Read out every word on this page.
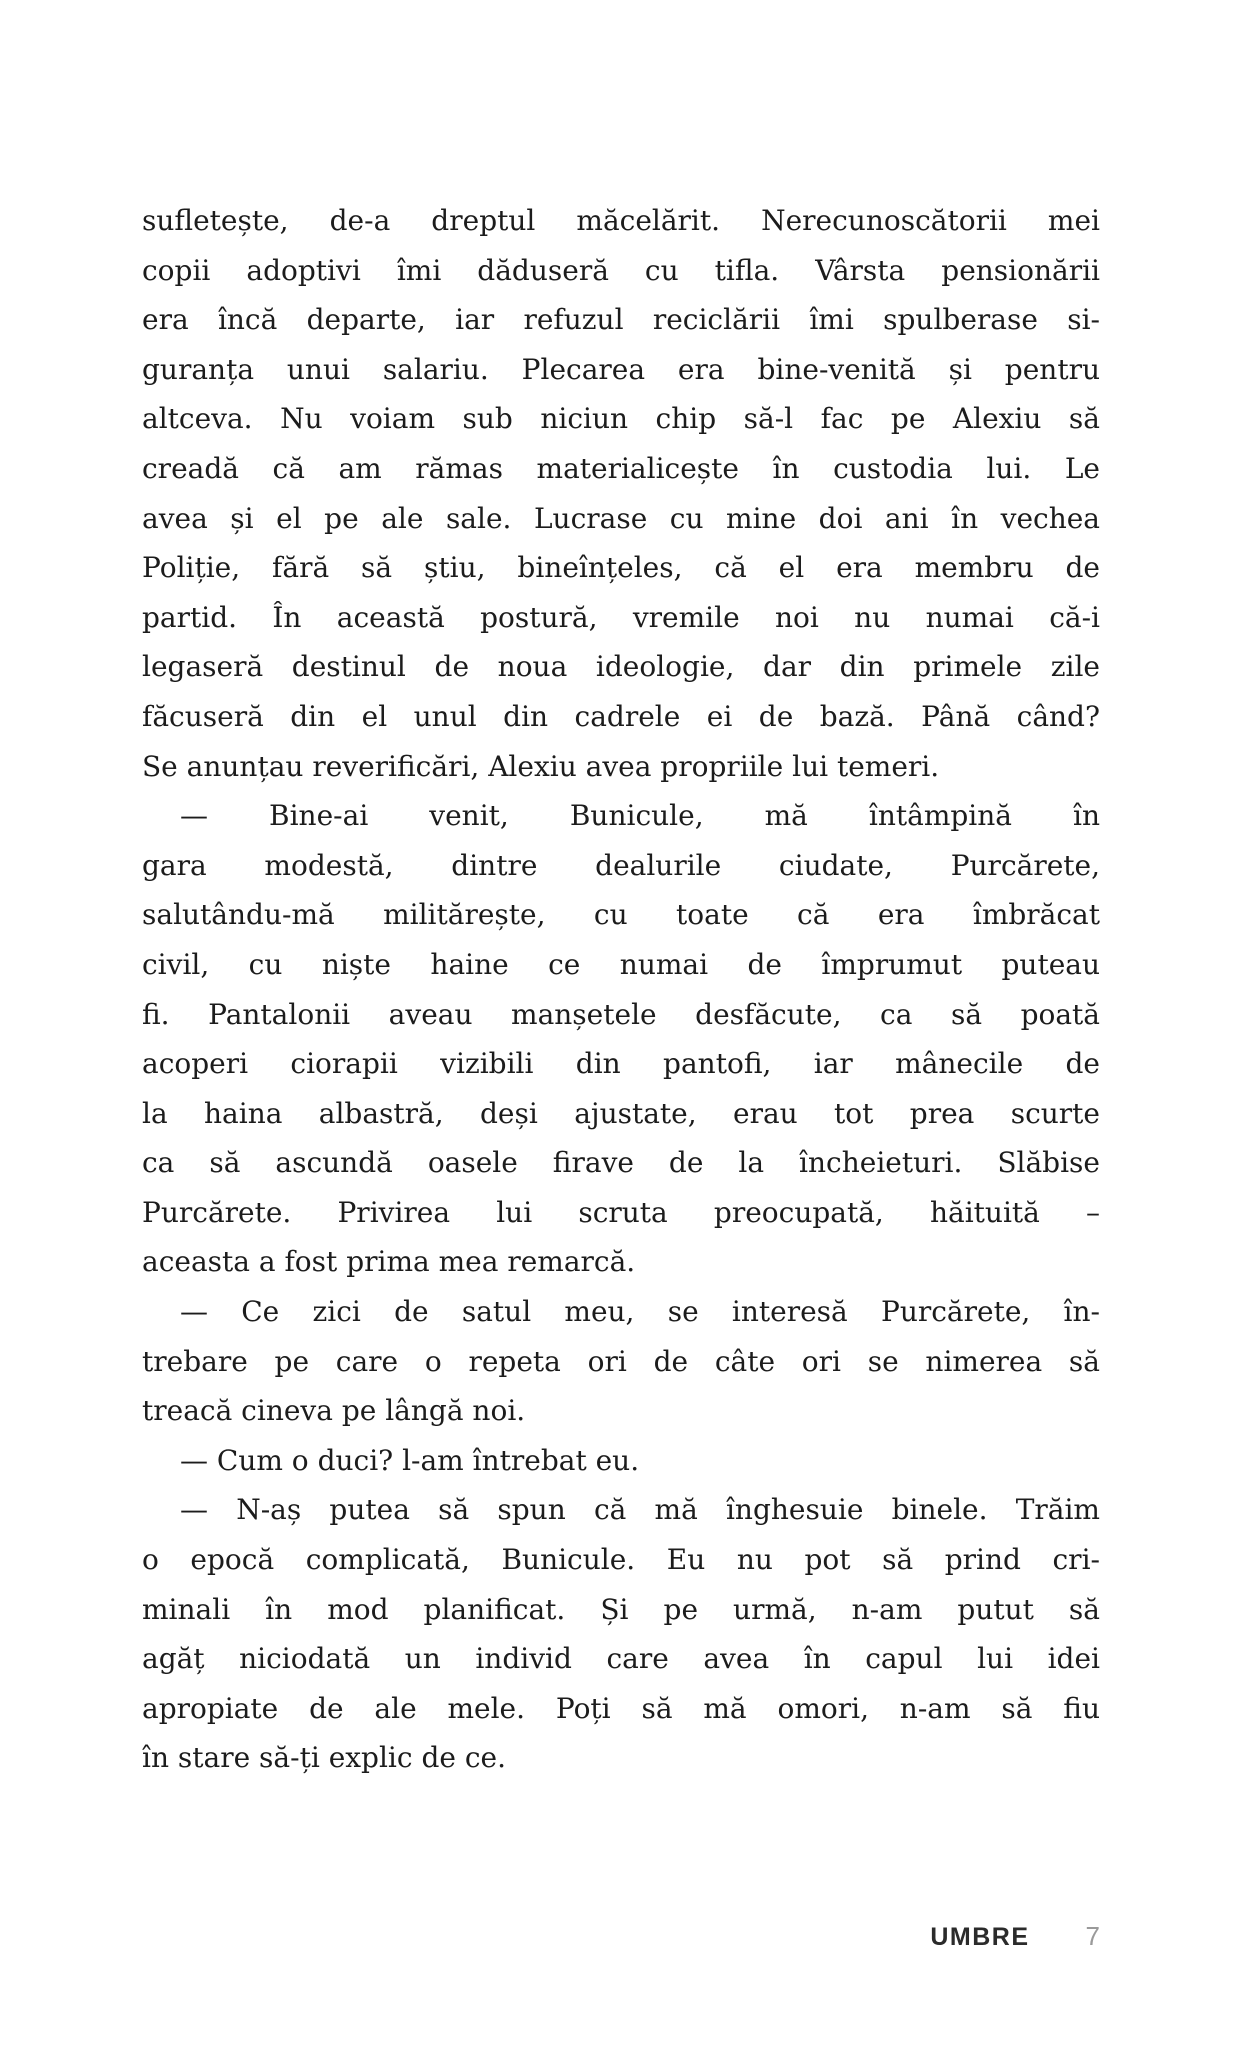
sufletește, de-a dreptul măcelărit. Nerecunoscătorii mei
copii adoptivi îmi dăduseră cu tifla. Vârsta pensionării
era încă departe, iar refuzul reciclării îmi spulberase si-
guranța unui salariu. Plecarea era bine-venită și pentru
altceva. Nu voiam sub niciun chip să-l fac pe Alexiu să
creadă că am rămas materialicește în custodia lui. Le
avea și el pe ale sale. Lucrase cu mine doi ani în vechea
Poliție, fără să știu, bineînțeles, că el era membru de
partid. În această postură, vremile noi nu numai că-i
legaseră destinul de noua ideologie, dar din primele zile
făcuseră din el unul din cadrele ei de bază. Până când?
Se anunțau reverificări, Alexiu avea propriile lui temeri.
— Bine-ai venit, Bunicule, mă întâmpină în
gara modestă, dintre dealurile ciudate, Purcărete,
salutându-mă militărește, cu toate că era îmbrăcat
civil, cu niște haine ce numai de împrumut puteau
fi. Pantalonii aveau manșetele desfăcute, ca să poată
acoperi ciorapii vizibili din pantofi, iar mânecile de
la haina albastră, deși ajustate, erau tot prea scurte
ca să ascundă oasele firave de la încheieturi. Slăbise
Purcărete. Privirea lui scruta preocupată, hăituită –
aceasta a fost prima mea remarcă.
— Ce zici de satul meu, se interesă Purcărete, în-
trebare pe care o repeta ori de câte ori se nimerea să
treacă cineva pe lângă noi.
— Cum o duci? l-am întrebat eu.
— N-aș putea să spun că mă înghesuie binele. Trăim
o epocă complicată, Bunicule. Eu nu pot să prind cri-
minali în mod planificat. Și pe urmă, n-am putut să
agăț niciodată un individ care avea în capul lui idei
apropiate de ale mele. Poți să mă omori, n-am să fiu
în stare să-ți explic de ce.
UMBRE 7
